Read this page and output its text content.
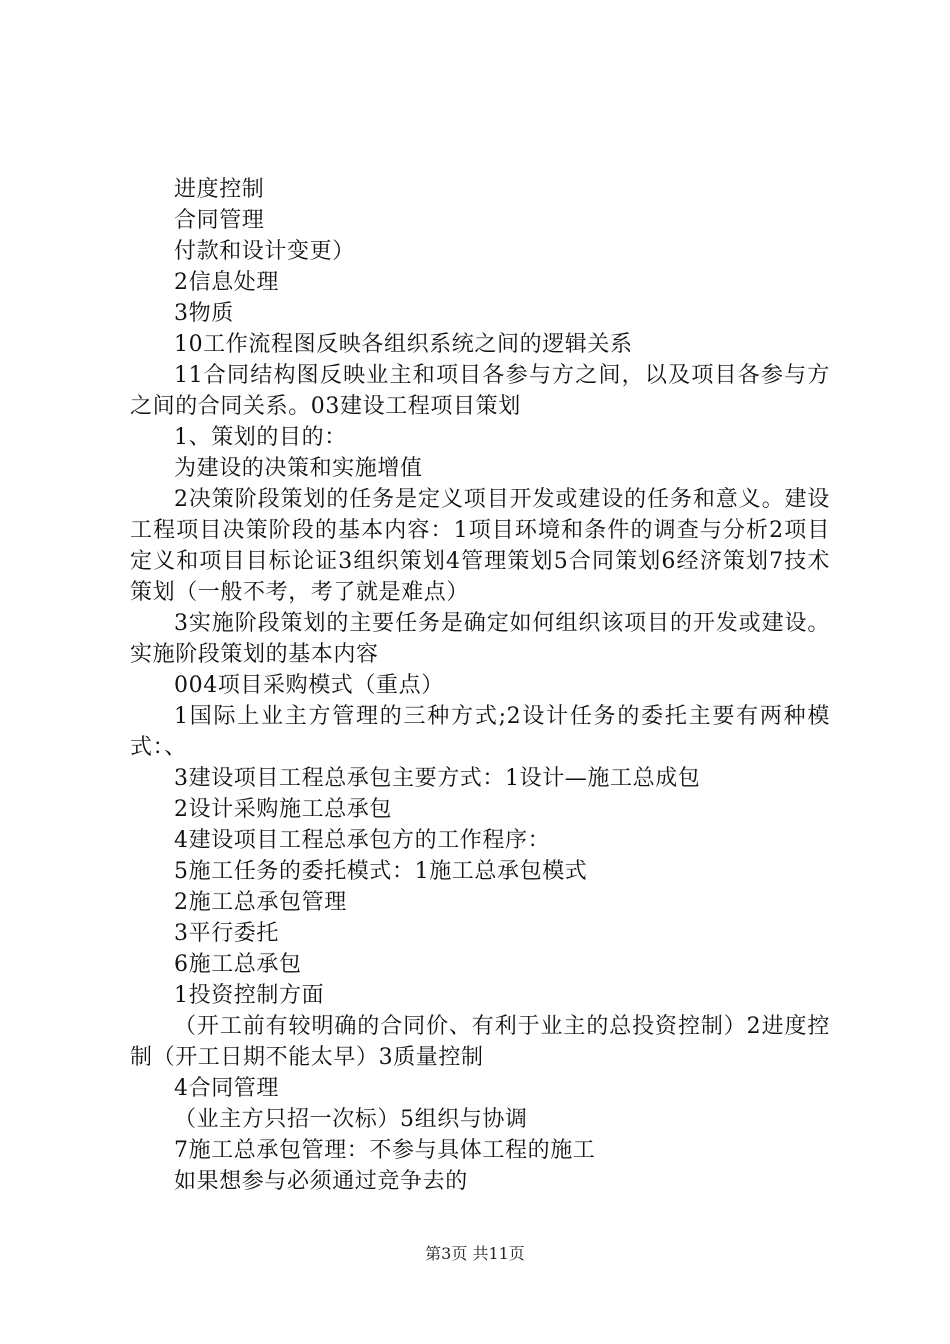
进度控制

合同管理

付款和设计变更）

2信息处理

3物质

10工作流程图反映各组织系统之间的逻辑关系

11合同结构图反映业主和项目各参与方之间，以及项目各参与方之间的合同关系。03建设工程项目策划

1、策划的目的：

为建设的决策和实施增值

2决策阶段策划的任务是定义项目开发或建设的任务和意义。建设工程项目决策阶段的基本内容：1项目环境和条件的调查与分析2项目定义和项目目标论证3组织策划4管理策划5合同策划6经济策划7技术策划（一般不考，考了就是难点）

3实施阶段策划的主要任务是确定如何组织该项目的开发或建设。实施阶段策划的基本内容

004项目采购模式（重点）

1国际上业主方管理的三种方式;2设计任务的委托主要有两种模式：、

3建设项目工程总承包主要方式：1设计—施工总成包

2设计采购施工总承包

4建设项目工程总承包方的工作程序：

5施工任务的委托模式：1施工总承包模式

2施工总承包管理

3平行委托

6施工总承包

1投资控制方面

（开工前有较明确的合同价、有利于业主的总投资控制）2进度控制（开工日期不能太早）3质量控制

4合同管理

（业主方只招一次标）5组织与协调

7施工总承包管理：不参与具体工程的施工

如果想参与必须通过竞争去的

第3页 共11页
